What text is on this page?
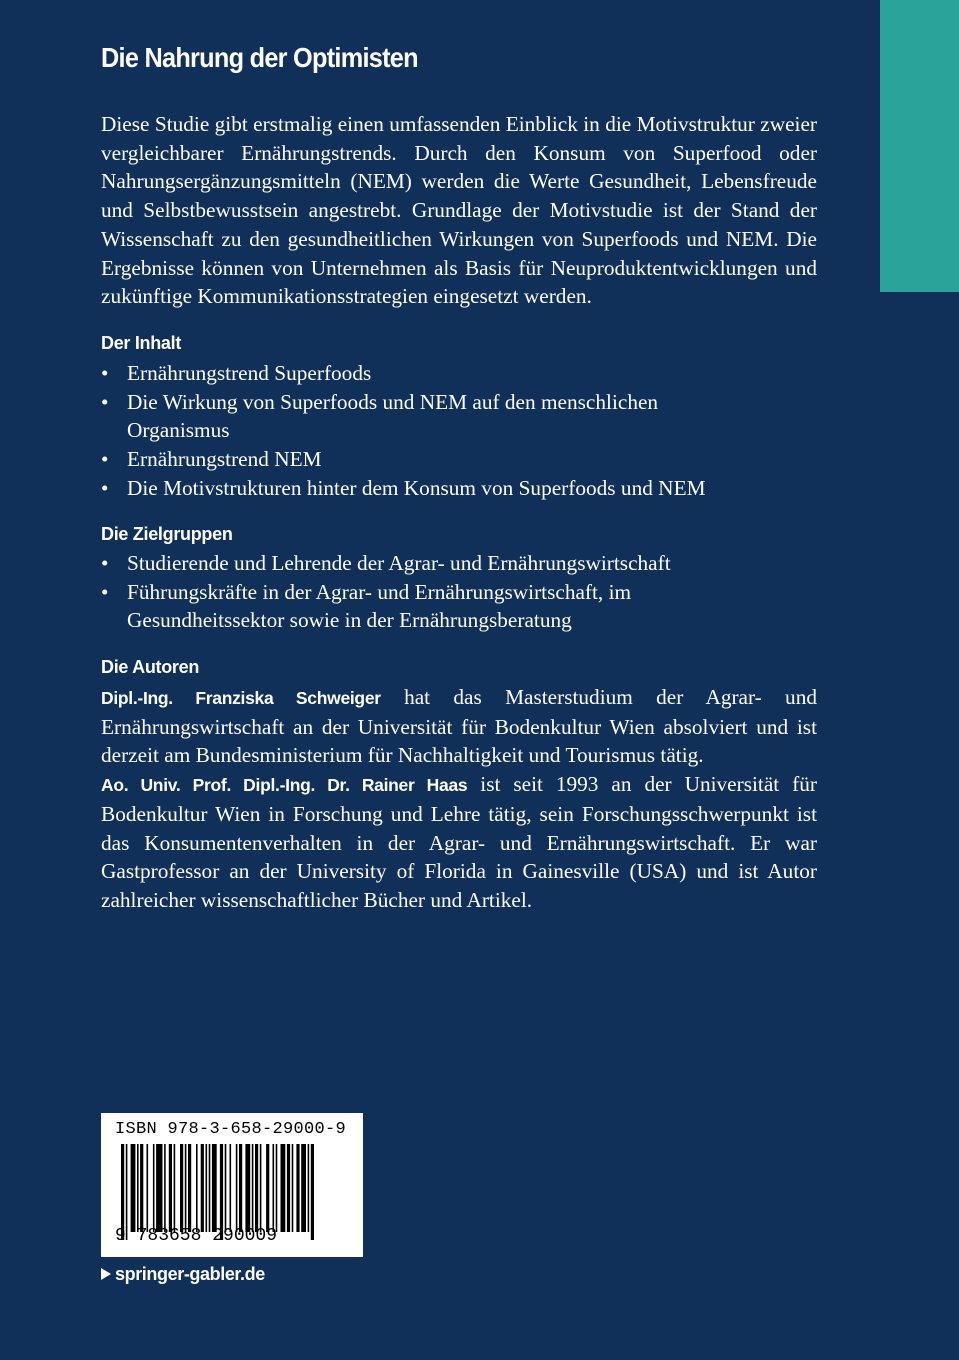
Die Nahrung der Optimisten

Diese Studie gibt erstmalig einen umfassenden Einblick in die Motivstruktur zweier vergleichbarer Ernährungstrends. Durch den Konsum von Superfood oder Nahrungsergänzungsmitteln (NEM) werden die Werte Gesundheit, Lebensfreude und Selbstbewusstsein angestrebt. Grundlage der Motivstudie ist der Stand der Wissenschaft zu den gesundheitlichen Wirkungen von Superfoods und NEM. Die Ergebnisse können von Unternehmen als Basis für Neuproduktentwicklungen und zukünftige Kommunikationsstrategien eingesetzt werden.

Der Inhalt
• Ernährungstrend Superfoods
• Die Wirkung von Superfoods und NEM auf den menschlichen Organismus
• Ernährungstrend NEM
• Die Motivstrukturen hinter dem Konsum von Superfoods und NEM
Die Zielgruppen
• Studierende und Lehrende der Agrar- und Ernährungswirtschaft
• Führungskräfte in der Agrar- und Ernährungswirtschaft, im Gesundheitssektor sowie in der Ernährungsberatung
Die Autoren

Dipl.-Ing. Franziska Schweiger hat das Masterstudium der Agrar- und Ernährungswirtschaft an der Universität für Bodenkultur Wien absolviert und ist derzeit am Bundesministerium für Nachhaltigkeit und Tourismus tätig.

Ao. Univ. Prof. Dipl.-Ing. Dr. Rainer Haas ist seit 1993 an der Universität für Bodenkultur Wien in Forschung und Lehre tätig, sein Forschungsschwerpunkt ist das Konsumentenverhalten in der Agrar- und Ernährungswirtschaft. Er war Gastprofessor an der University of Florida in Gainesville (USA) und ist Autor zahlreicher wissenschaftlicher Bücher und Artikel.

ISBN 978-3-658-29000-9
9 783658 290009
springer-gabler.de
